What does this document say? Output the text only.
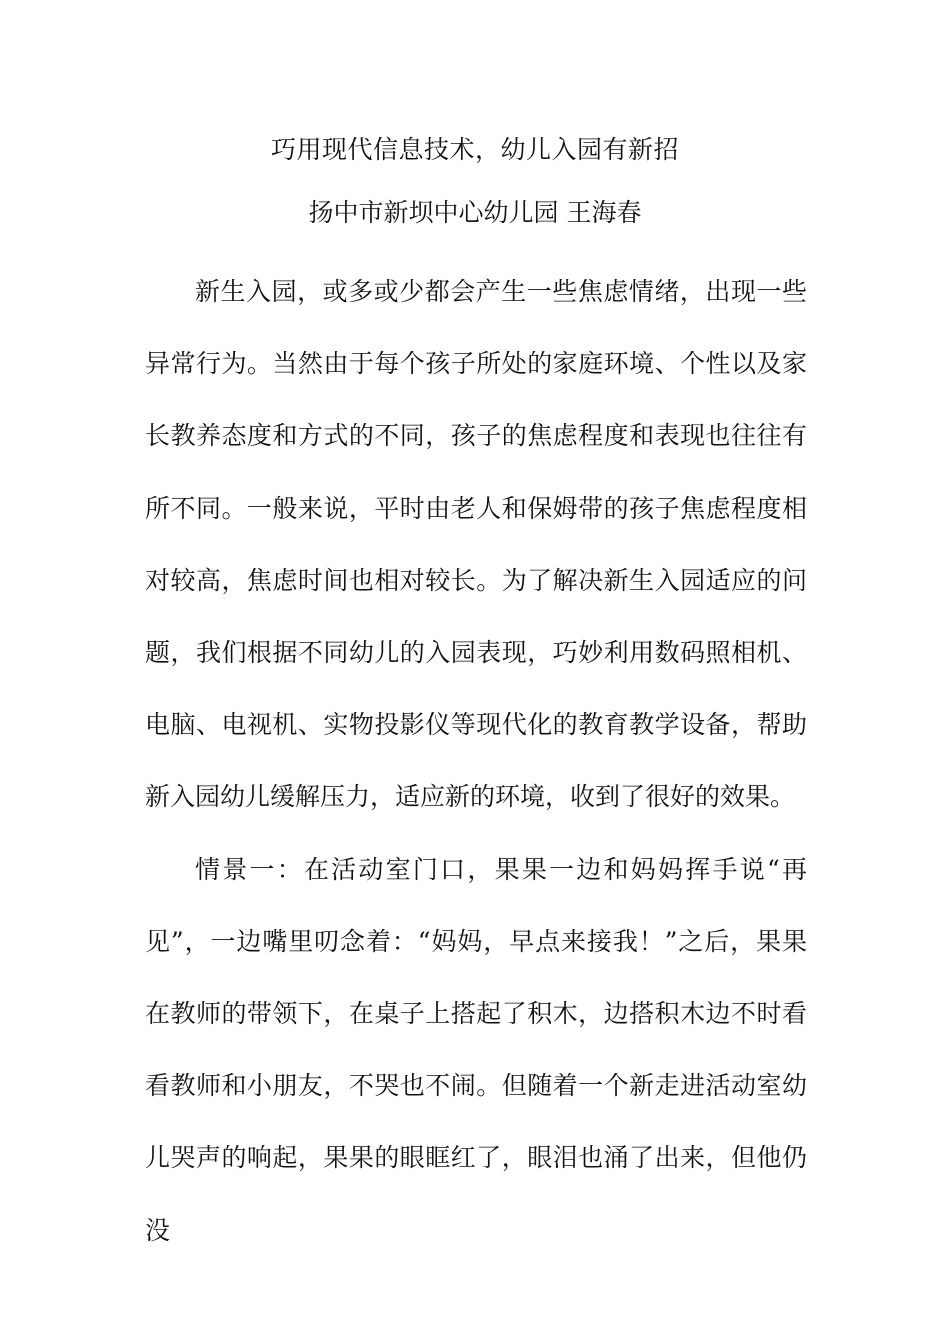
巧用现代信息技术，幼儿入园有新招
扬中市新坝中心幼儿园 王海春

新生入园，或多或少都会产生一些焦虑情绪，出现一些异常行为。当然由于每个孩子所处的家庭环境、个性以及家长教养态度和方式的不同，孩子的焦虑程度和表现也往往有所不同。一般来说，平时由老人和保姆带的孩子焦虑程度相对较高，焦虑时间也相对较长。为了解决新生入园适应的问题，我们根据不同幼儿的入园表现，巧妙利用数码照相机、电脑、电视机、实物投影仪等现代化的教育教学设备，帮助新入园幼儿缓解压力，适应新的环境，收到了很好的效果。

情景一：在活动室门口，果果一边和妈妈挥手说“再见”，一边嘴里叨念着：“妈妈，早点来接我！”之后，果果在教师的带领下，在桌子上搭起了积木，边搭积木边不时看看教师和小朋友，不哭也不闹。但随着一个新走进活动室幼儿哭声的响起，果果的眼眶红了，眼泪也涌了出来，但他仍没
